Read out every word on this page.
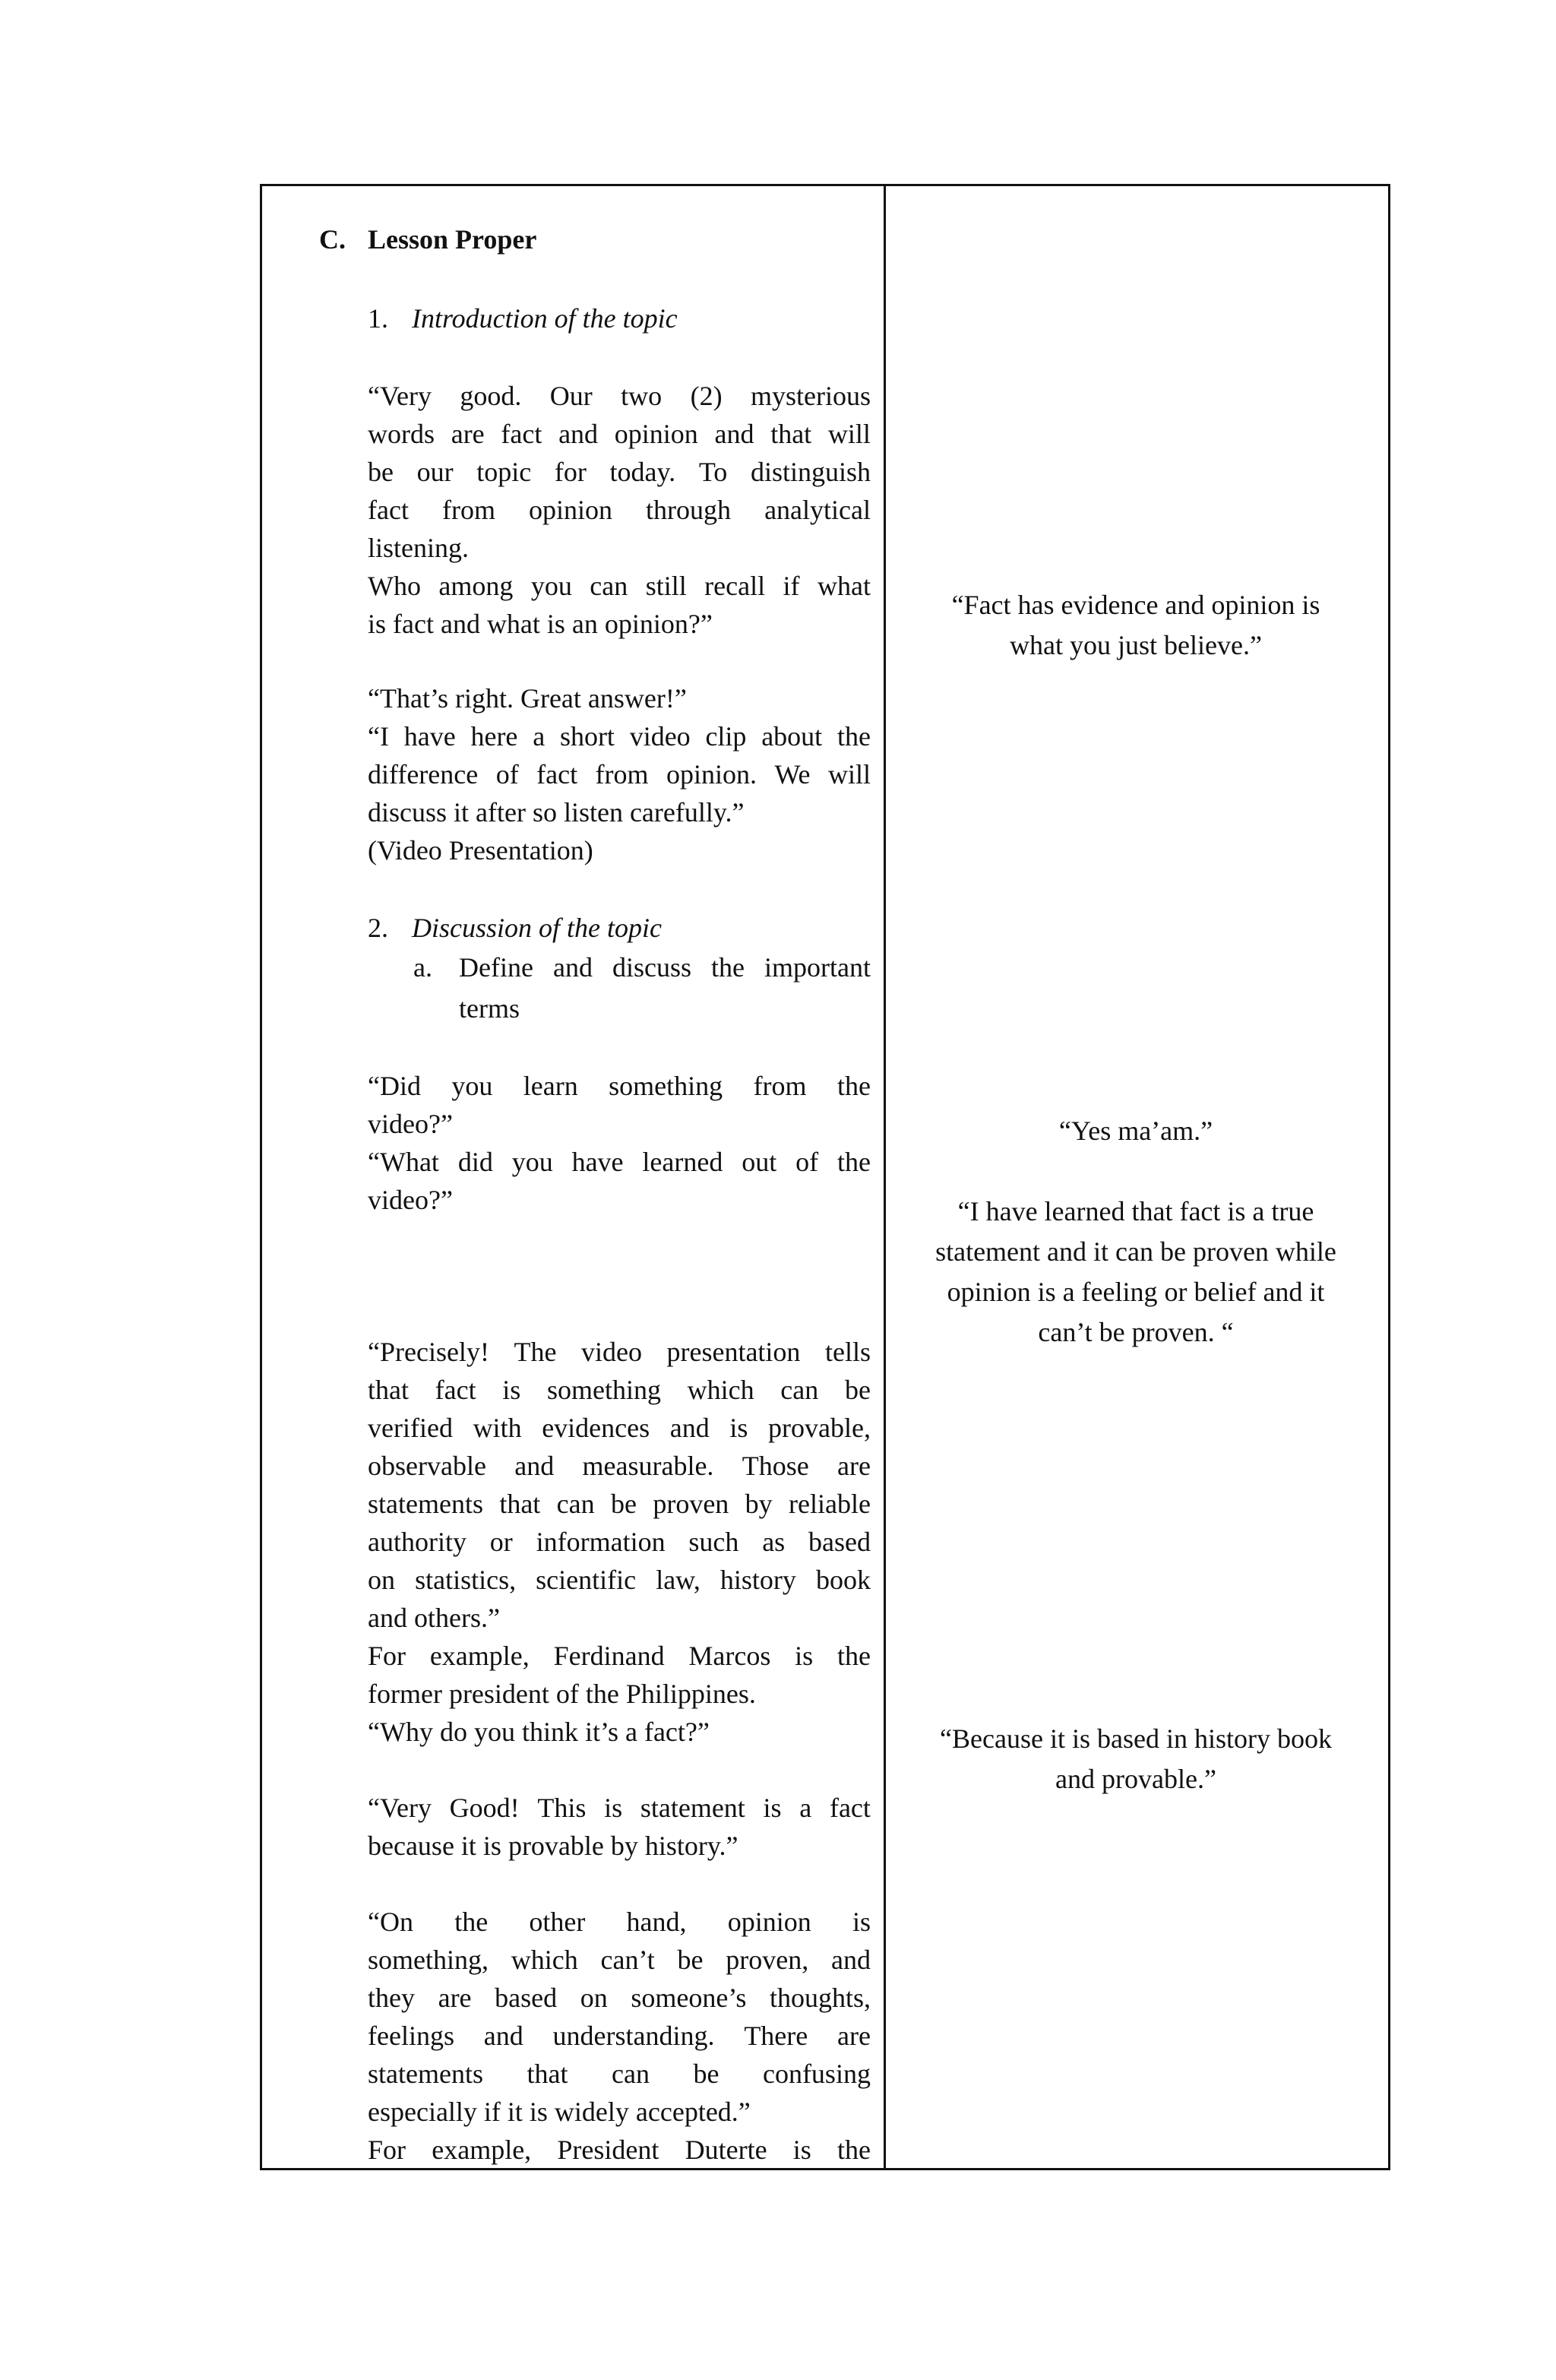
C. Lesson Proper
1. Introduction of the topic
“Very good. Our two (2) mysterious
words are fact and opinion and that will
be our topic for today. To distinguish
fact from opinion through analytical
listening.
Who among you can still recall if what
is fact and what is an opinion?”
“That’s right. Great answer!”
“I have here a short video clip about the
difference of fact from opinion. We will
discuss it after so listen carefully.”
(Video Presentation)
2. Discussion of the topic
a. Define and discuss the important
terms
“Did you learn something from the
video?”
“What did you have learned out of the
video?”
“Precisely! The video presentation tells
that fact is something which can be
verified with evidences and is provable,
observable and measurable. Those are
statements that can be proven by reliable
authority or information such as based
on statistics, scientific law, history book
and others.”
For example, Ferdinand Marcos is the
former president of the Philippines.
“Why do you think it’s a fact?”
“Very Good! This is statement is a fact
because it is provable by history.”
“On the other hand, opinion is
something, which can’t be proven, and
they are based on someone’s thoughts,
feelings and understanding. There are
statements that can be confusing
especially if it is widely accepted.”
For example, President Duterte is the
“Fact has evidence and opinion is
what you just believe.”
“Yes ma’am.”
“I have learned that fact is a true
statement and it can be proven while
opinion is a feeling or belief and it
can’t be proven. “
“Because it is based in history book
and provable.”
